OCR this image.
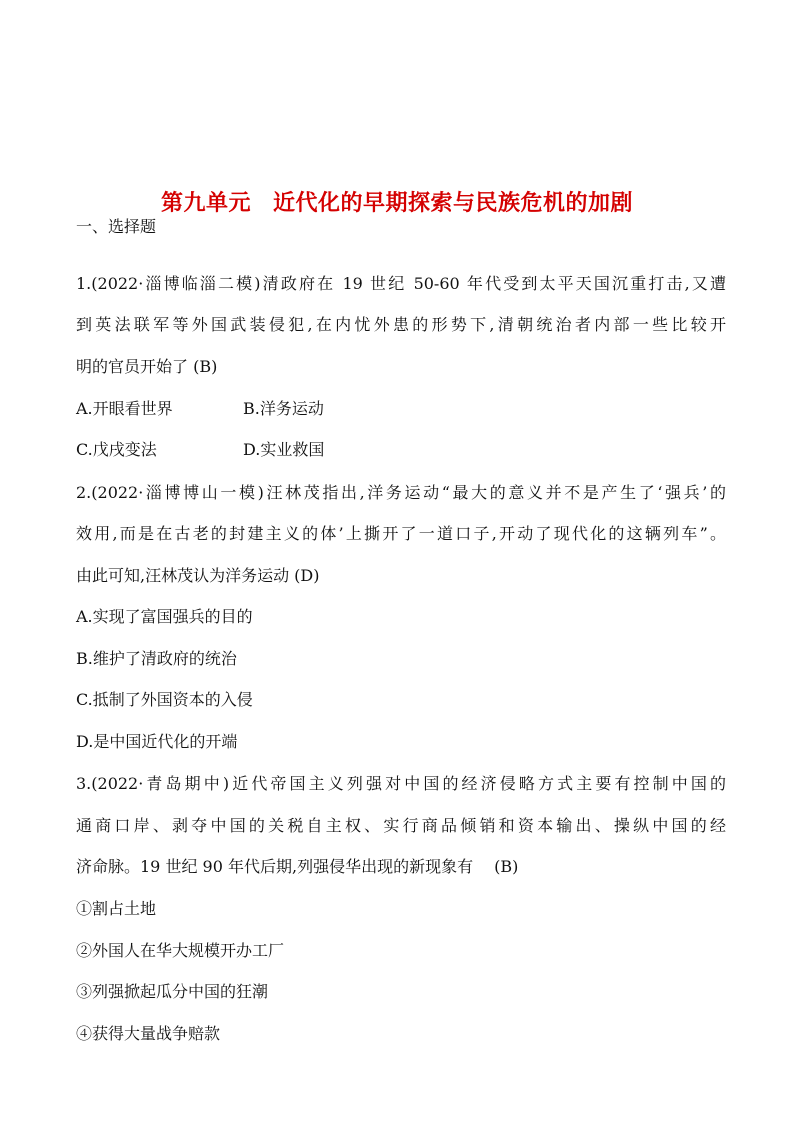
第九单元 近代化的早期探索与民族危机的加剧
一、选择题
1.(2022·淄博临淄二模)清政府在 19 世纪 50-60 年代受到太平天国沉重打击,又遭
到英法联军等外国武装侵犯,在内忧外患的形势下,清朝统治者内部一些比较开
明的官员开始了 (B)
A.开眼看世界	B.洋务运动
C.戊戌变法	D.实业救国
2.(2022·淄博博山一模)汪林茂指出,洋务运动“最大的意义并不是产生了‘强兵’的
效用,而是在古老的封建主义的体’上撕开了一道口子,开动了现代化的这辆列车”。
由此可知,汪林茂认为洋务运动 (D)
A.实现了富国强兵的目的
B.维护了清政府的统治
C.抵制了外国资本的入侵
D.是中国近代化的开端
3.(2022·青岛期中)近代帝国主义列强对中国的经济侵略方式主要有控制中国的
通商口岸、剥夺中国的关税自主权、实行商品倾销和资本输出、操纵中国的经
济命脉。19 世纪 90 年代后期,列强侵华出现的新现象有　 (B)
①割占土地
②外国人在华大规模开办工厂
③列强掀起瓜分中国的狂潮
④获得大量战争赔款
